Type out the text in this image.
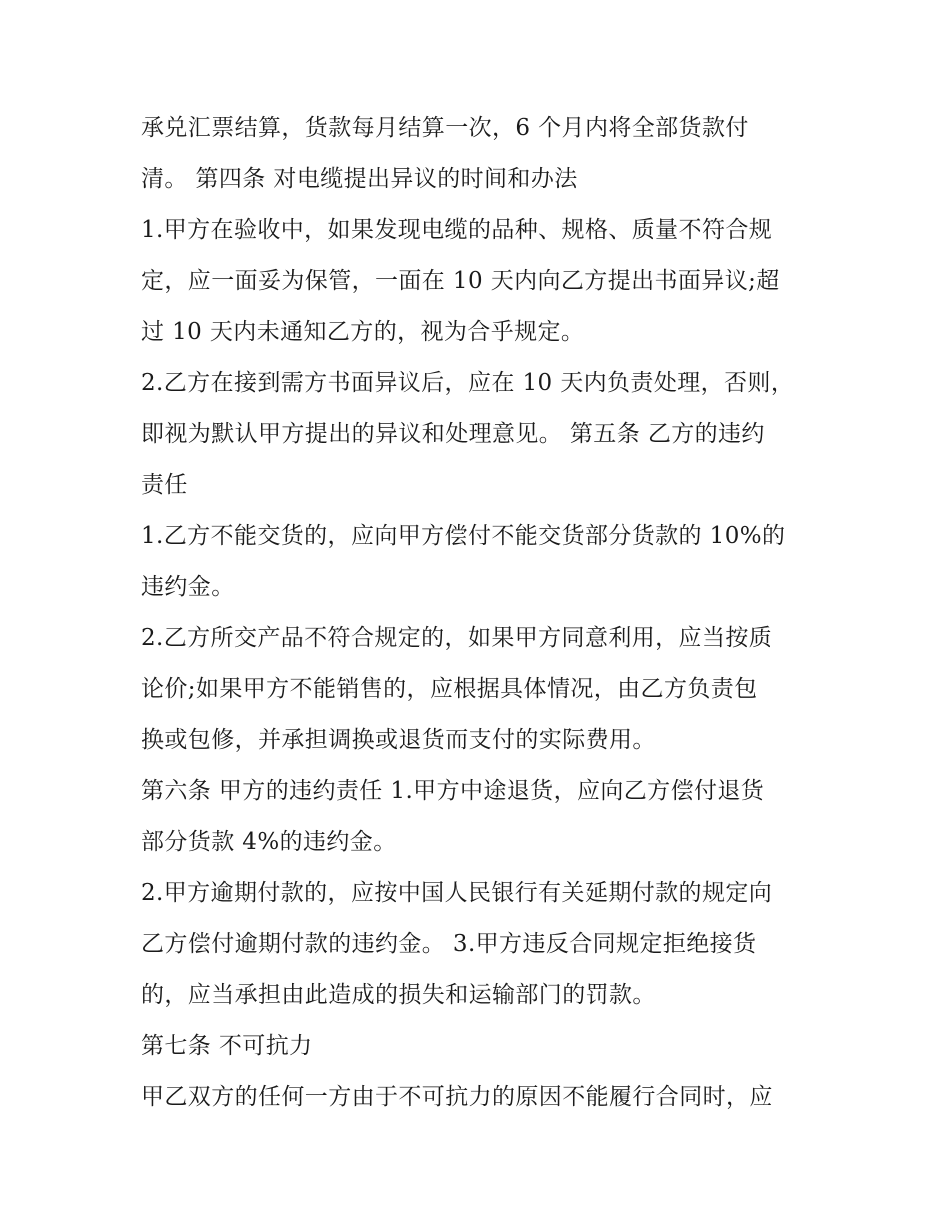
承兑汇票结算，货款每月结算一次，6 个月内将全部货款付
清。 第四条 对电缆提出异议的时间和办法
1.甲方在验收中，如果发现电缆的品种、规格、质量不符合规
定，应一面妥为保管，一面在 10 天内向乙方提出书面异议;超
过 10 天内未通知乙方的，视为合乎规定。
2.乙方在接到需方书面异议后，应在 10 天内负责处理，否则，
即视为默认甲方提出的异议和处理意见。 第五条 乙方的违约
责任
1.乙方不能交货的，应向甲方偿付不能交货部分货款的 10%的
违约金。
2.乙方所交产品不符合规定的，如果甲方同意利用，应当按质
论价;如果甲方不能销售的，应根据具体情况，由乙方负责包
换或包修，并承担调换或退货而支付的实际费用。
第六条 甲方的违约责任 1.甲方中途退货，应向乙方偿付退货
部分货款 4%的违约金。
2.甲方逾期付款的，应按中国人民银行有关延期付款的规定向
乙方偿付逾期付款的违约金。 3.甲方违反合同规定拒绝接货
的，应当承担由此造成的损失和运输部门的罚款。
第七条 不可抗力
甲乙双方的任何一方由于不可抗力的原因不能履行合同时，应
